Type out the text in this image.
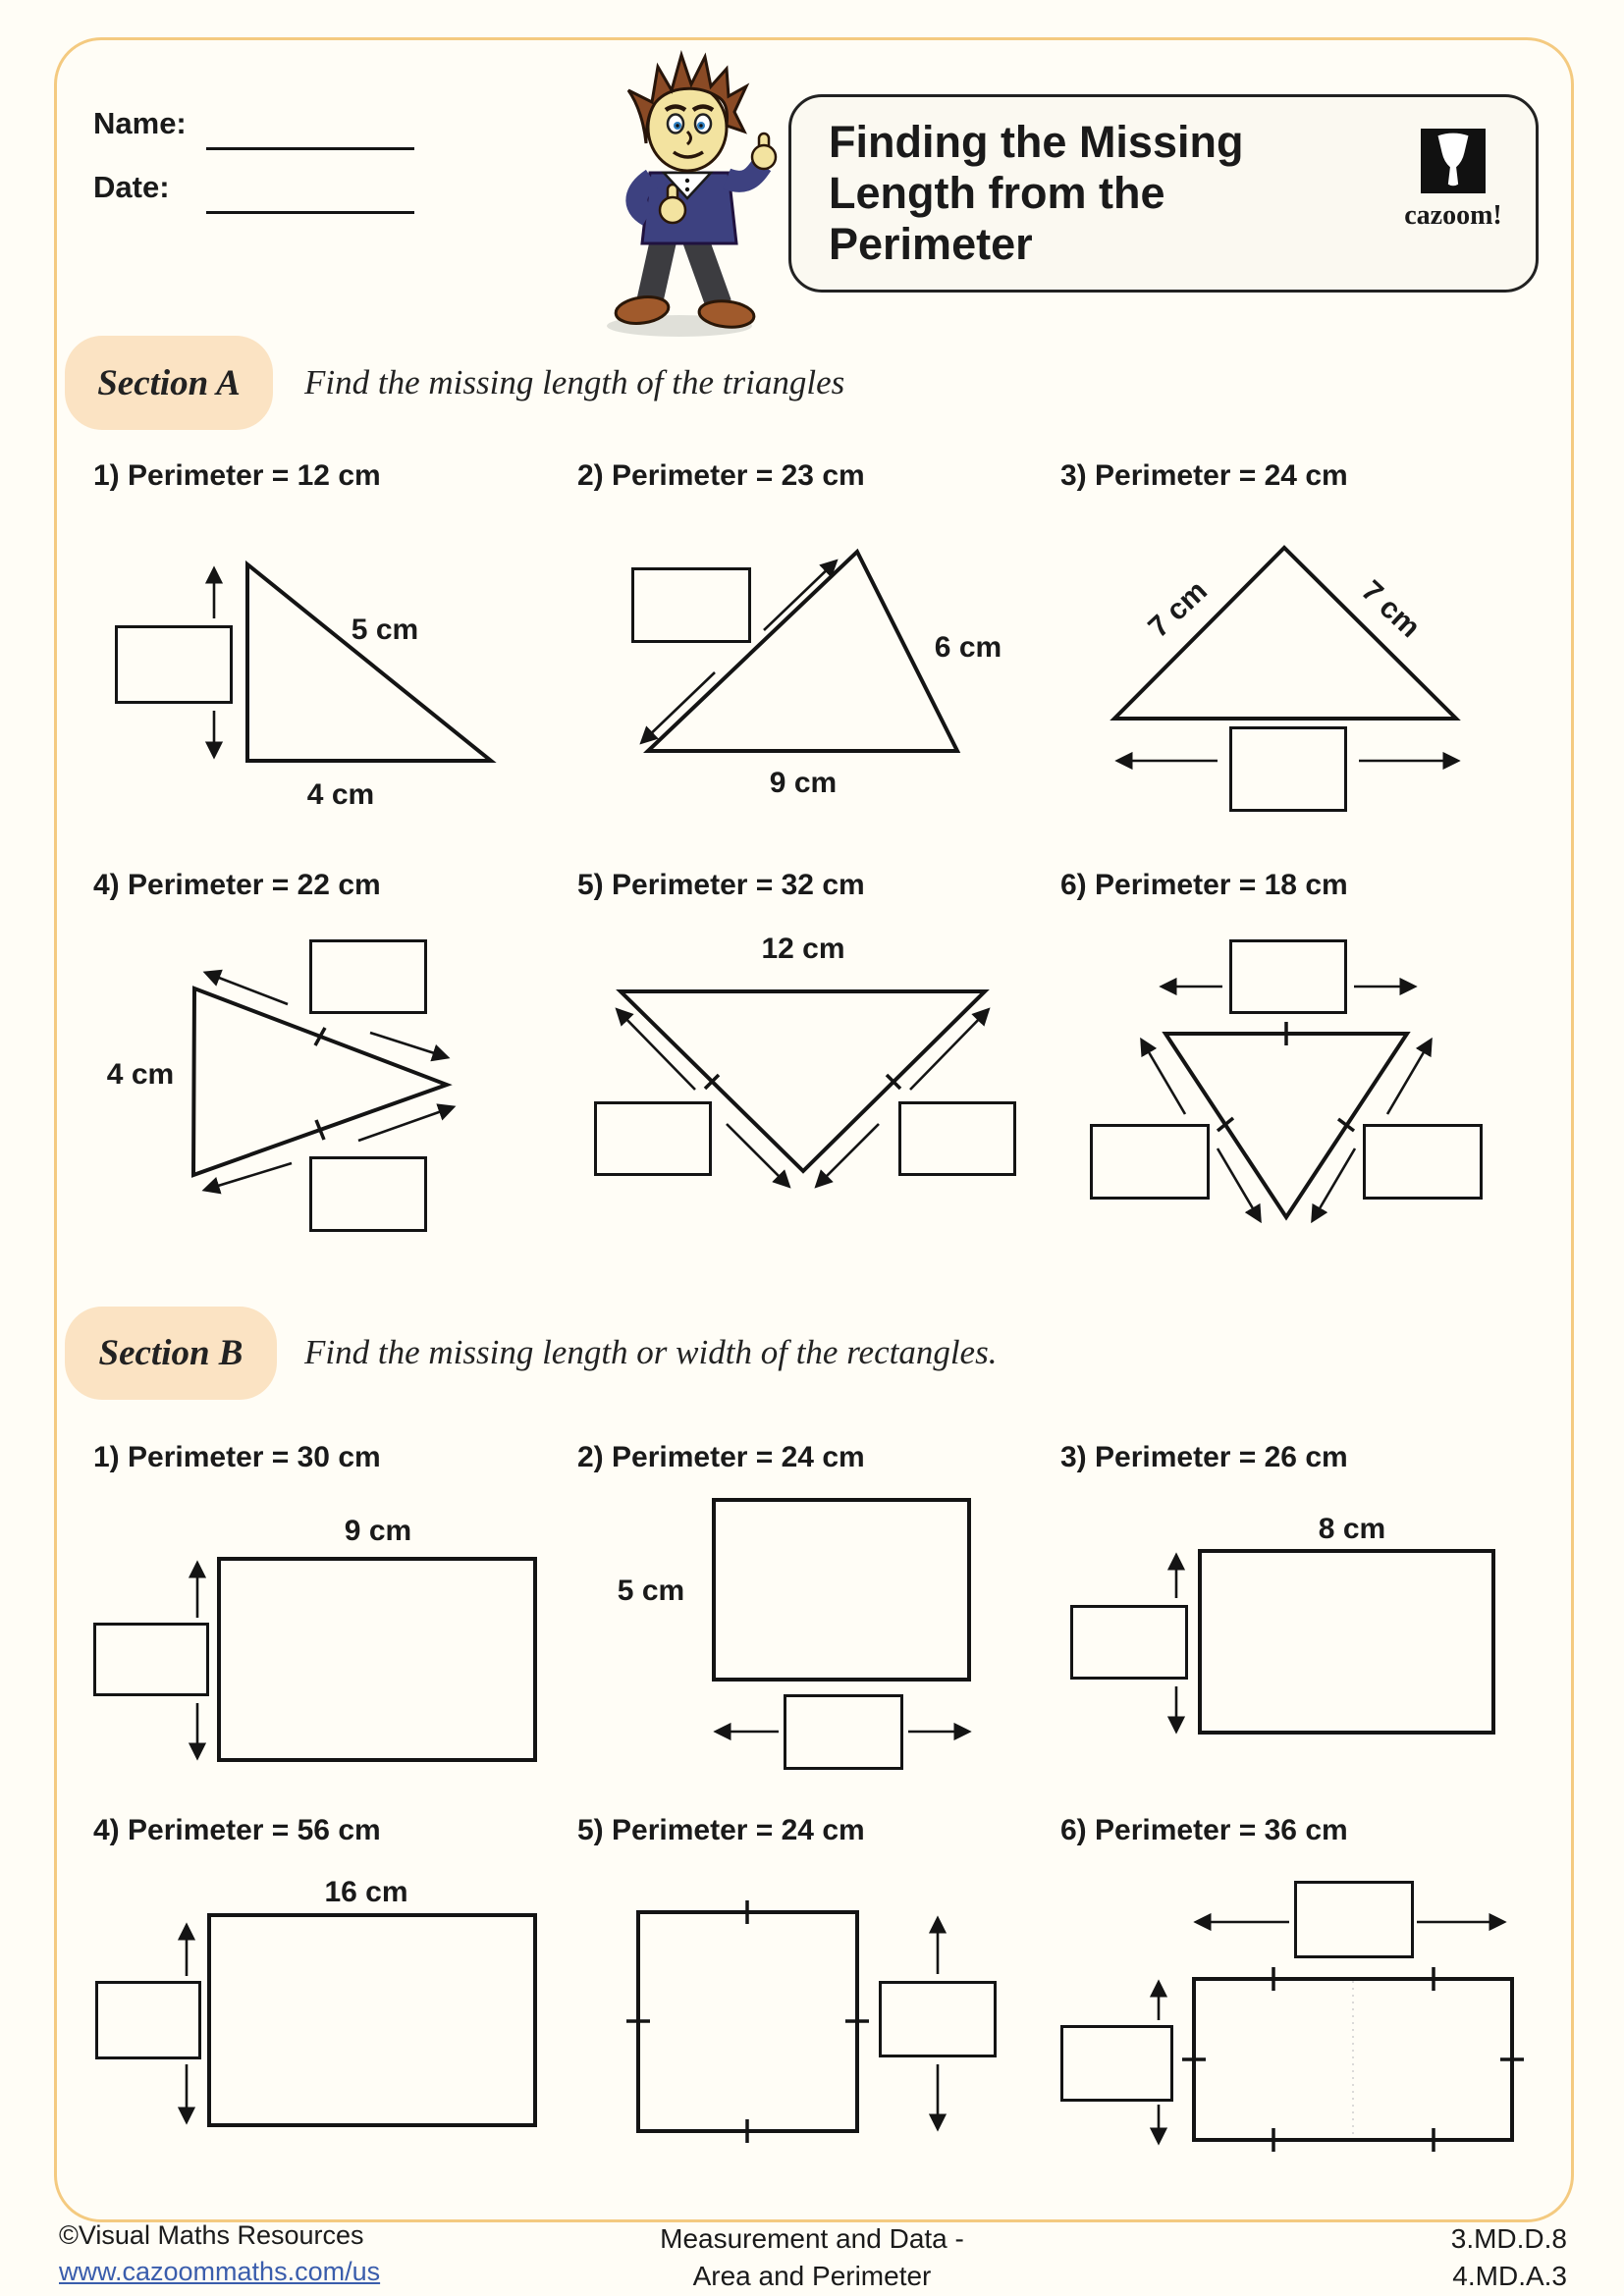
Name:
Date:
Finding the Missing Length from the Perimeter
cazoom!
Section A	Find the missing length of the triangles
1) Perimeter = 12 cm
5 cm
4 cm
2) Perimeter = 23 cm
6 cm
9 cm
3) Perimeter = 24 cm
7 cm	7 cm
4) Perimeter = 22 cm
4 cm
5) Perimeter = 32 cm
12 cm
6) Perimeter = 18 cm
Section B	Find the missing length or width of the rectangles.
1) Perimeter = 30 cm
9 cm
2) Perimeter = 24 cm
5 cm
3) Perimeter = 26 cm
8 cm
4) Perimeter = 56 cm
16 cm
5) Perimeter = 24 cm	6) Perimeter = 36 cm
©Visual Maths Resources
www.cazoommaths.com/us
Measurement and Data -
Area and Perimeter
3.MD.D.8
4.MD.A.3
